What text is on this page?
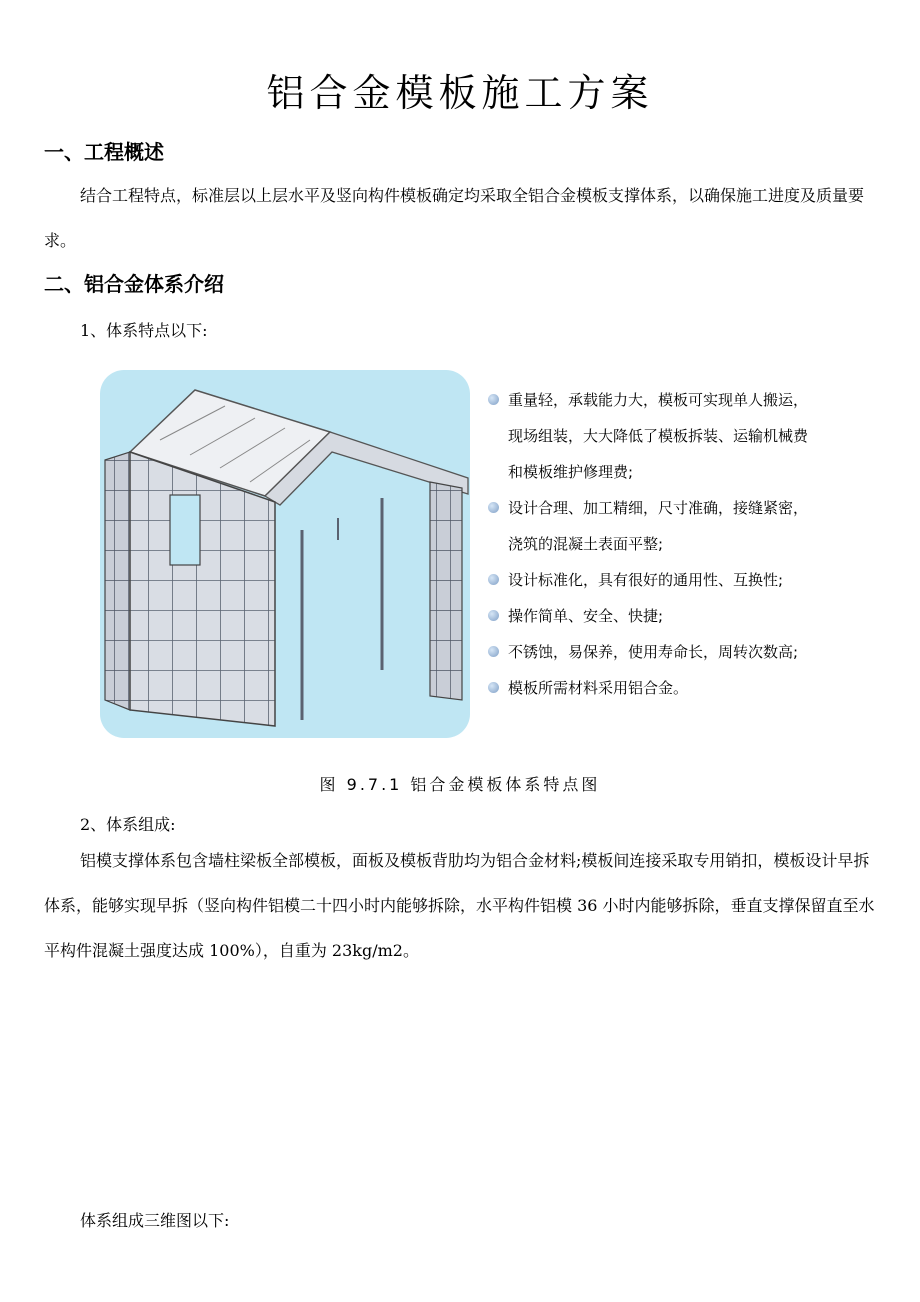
铝合金模板施工方案
一、工程概述
结合工程特点，标准层以上层水平及竖向构件模板确定均采取全铝合金模板支撑体系，以确保施工进度及质量要求。
二、铝合金体系介绍
1、体系特点以下:
重量轻，承载能力大，模板可实现单人搬运，现场组装，大大降低了模板拆装、运输机械费和模板维护修理费;
设计合理、加工精细，尺寸准确，接缝紧密，浇筑的混凝土表面平整;
设计标准化，具有很好的通用性、互换性;
操作简单、安全、快捷;
不锈蚀，易保养，使用寿命长，周转次数高;
模板所需材料采用铝合金。
图 9.7.1 铝合金模板体系特点图
2、体系组成:
铝模支撑体系包含墙柱梁板全部模板，面板及模板背肋均为铝合金材料;模板间连接采取专用销扣，模板设计早拆体系，能够实现早拆（竖向构件铝模二十四小时内能够拆除，水平构件铝模 36 小时内能够拆除，垂直支撑保留直至水平构件混凝土强度达成 100%），自重为 23kg/m2。
体系组成三维图以下:
